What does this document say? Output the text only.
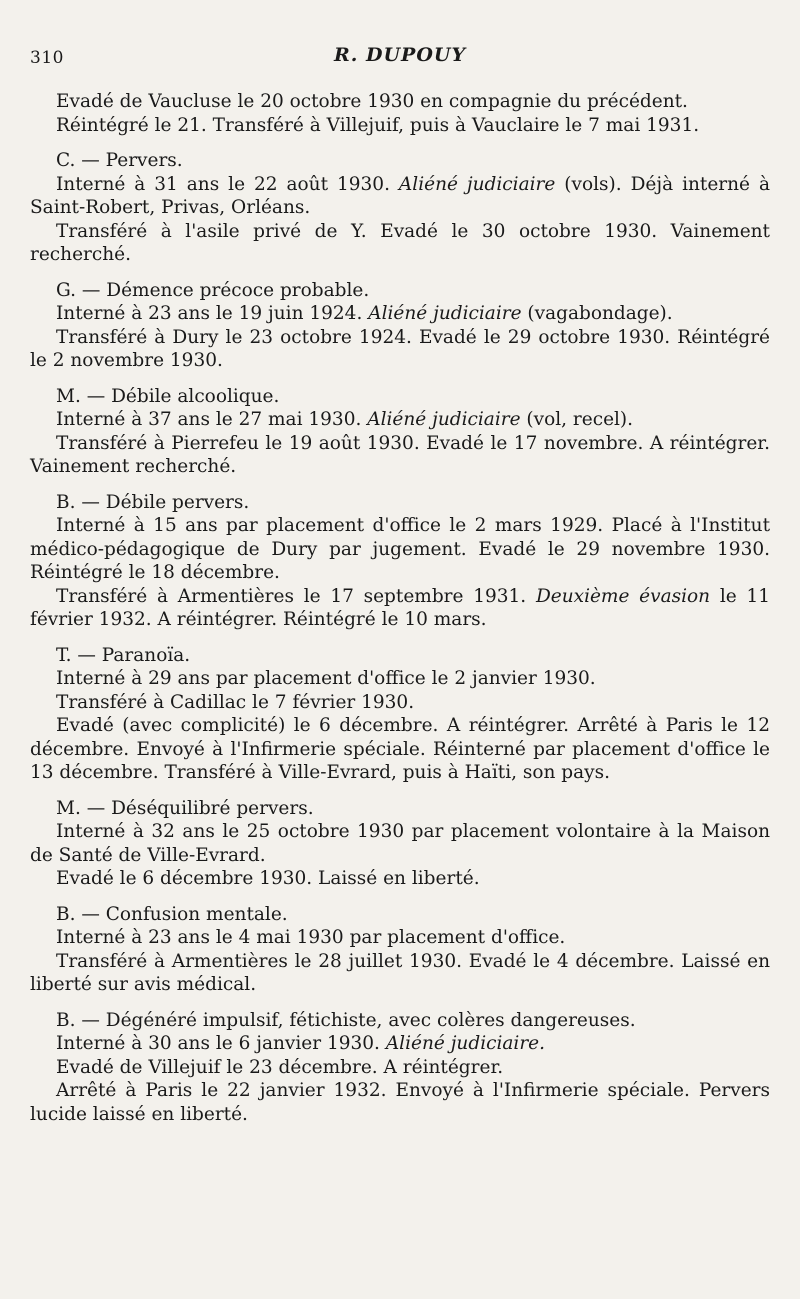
310	R. DUPOUY

Evadé de Vaucluse le 20 octobre 1930 en compagnie du précédent.

Réintégré le 21. Transféré à Villejuif, puis à Vauclaire le 7 mai 1931.

C. — Pervers.

Interné à 31 ans le 22 août 1930. Aliéné judiciaire (vols). Déjà interné à Saint-Robert, Privas, Orléans.

Transféré à l'asile privé de Y. Evadé le 30 octobre 1930. Vainement recherché.

G. — Démence précoce probable.

Interné à 23 ans le 19 juin 1924. Aliéné judiciaire (vagabondage).

Transféré à Dury le 23 octobre 1924. Evadé le 29 octobre 1930. Réintégré le 2 novembre 1930.

M. — Débile alcoolique.

Interné à 37 ans le 27 mai 1930. Aliéné judiciaire (vol, recel).

Transféré à Pierrefeu le 19 août 1930. Evadé le 17 novembre. A réintégrer. Vainement recherché.

B. — Débile pervers.

Interné à 15 ans par placement d'office le 2 mars 1929. Placé à l'Institut médico-pédagogique de Dury par jugement. Evadé le 29 novembre 1930. Réintégré le 18 décembre.

Transféré à Armentières le 17 septembre 1931. Deuxième évasion le 11 février 1932. A réintégrer. Réintégré le 10 mars.

T. — Paranoïa.

Interné à 29 ans par placement d'office le 2 janvier 1930.

Transféré à Cadillac le 7 février 1930.

Evadé (avec complicité) le 6 décembre. A réintégrer. Arrêté à Paris le 12 décembre. Envoyé à l'Infirmerie spéciale. Réinterné par placement d'office le 13 décembre. Transféré à Ville-Evrard, puis à Haïti, son pays.

M. — Déséquilibré pervers.

Interné à 32 ans le 25 octobre 1930 par placement volontaire à la Maison de Santé de Ville-Evrard.

Evadé le 6 décembre 1930. Laissé en liberté.

B. — Confusion mentale.

Interné à 23 ans le 4 mai 1930 par placement d'office.

Transféré à Armentières le 28 juillet 1930. Evadé le 4 décembre. Laissé en liberté sur avis médical.

B. — Dégénéré impulsif, fétichiste, avec colères dangereuses.

Interné à 30 ans le 6 janvier 1930. Aliéné judiciaire.

Evadé de Villejuif le 23 décembre. A réintégrer.

Arrêté à Paris le 22 janvier 1932. Envoyé à l'Infirmerie spéciale. Pervers lucide laissé en liberté.
